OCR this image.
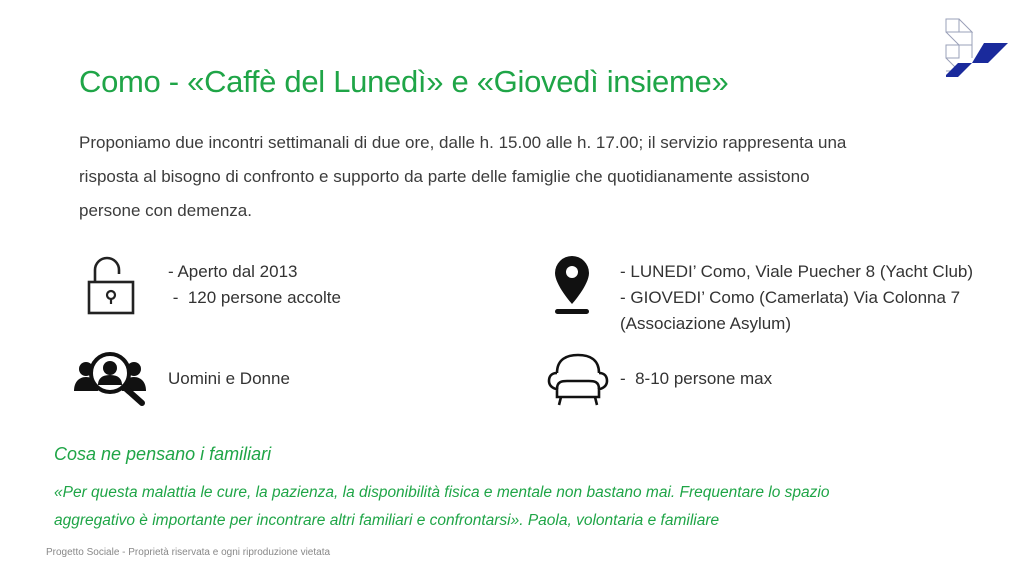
Como - «Caffè del Lunedì» e «Giovedì insieme»
Proponiamo due incontri settimanali di due ore, dalle h. 15.00 alle h. 17.00; il servizio rappresenta una
risposta al bisogno di confronto e supporto da parte delle famiglie che quotidianamente assistono
persone con demenza.
- Aperto dal 2013
-  120 persone accolte
- LUNEDI’ Como, Viale Puecher 8 (Yacht Club)
- GIOVEDI’ Como (Camerlata) Via Colonna 7
(Associazione Asylum)
Uomini e Donne	-  8-10 persone max
Cosa ne pensano i familiari
«Per questa malattia le cure, la pazienza, la disponibilità fisica e mentale non bastano mai. Frequentare lo spazio
aggregativo è importante per incontrare altri familiari e confrontarsi». Paola, volontaria e familiare
Progetto Sociale - Proprietà riservata e ogni riproduzione vietata
